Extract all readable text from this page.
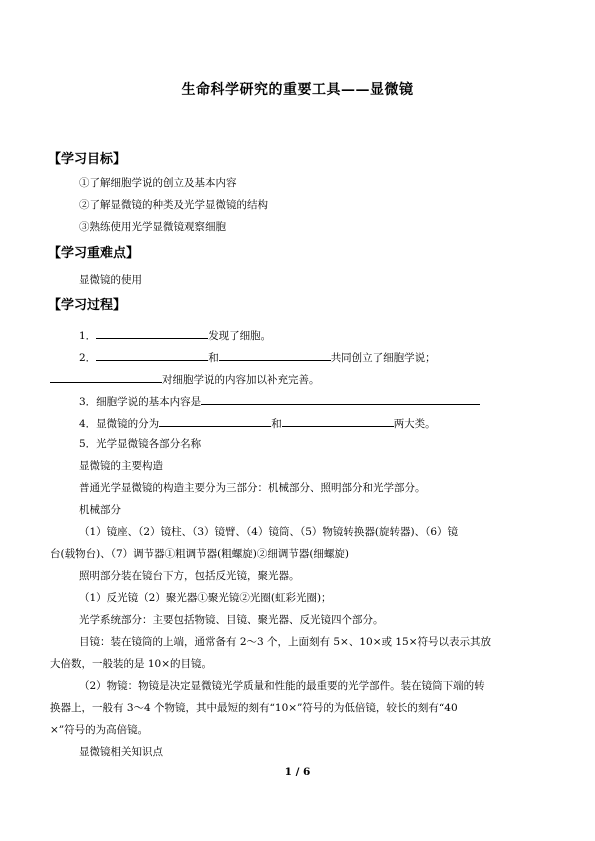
生命科学研究的重要工具——显微镜
【学习目标】
①了解细胞学说的创立及基本内容
②了解显微镜的种类及光学显微镜的结构
③熟练使用光学显微镜观察细胞
【学习重难点】
显微镜的使用
【学习过程】
1．	发现了细胞。
2．	和	共同创立了细胞学说；
对细胞学说的内容加以补充完善。
3．细胞学说的基本内容是
4．显微镜的分为	和	两大类。
5．光学显微镜各部分名称
显微镜的主要构造
普通光学显微镜的构造主要分为三部分：机械部分、照明部分和光学部分。
机械部分
（1）镜座、（2）镜柱、（3）镜臂、（4）镜筒、（5）物镜转换器(旋转器)、（6）镜
台(载物台)、（7）调节器①粗调节器(粗螺旋)②细调节器(细螺旋)
照明部分装在镜台下方，包括反光镜，聚光器。
（1）反光镜（2）聚光器①聚光镜②光圈(虹彩光圈)；
光学系统部分：主要包括物镜、目镜、聚光器、反光镜四个部分。
目镜：装在镜筒的上端，通常备有 2～3 个，上面刻有 5×、10×或 15×符号以表示其放
大倍数，一般装的是 10×的目镜。
（2）物镜：物镜是决定显微镜光学质量和性能的最重要的光学部件。装在镜筒下端的转
换器上，一般有 3～4 个物镜，其中最短的刻有“10×”符号的为低倍镜，较长的刻有“40
×”符号的为高倍镜。
显微镜相关知识点
1 / 6
